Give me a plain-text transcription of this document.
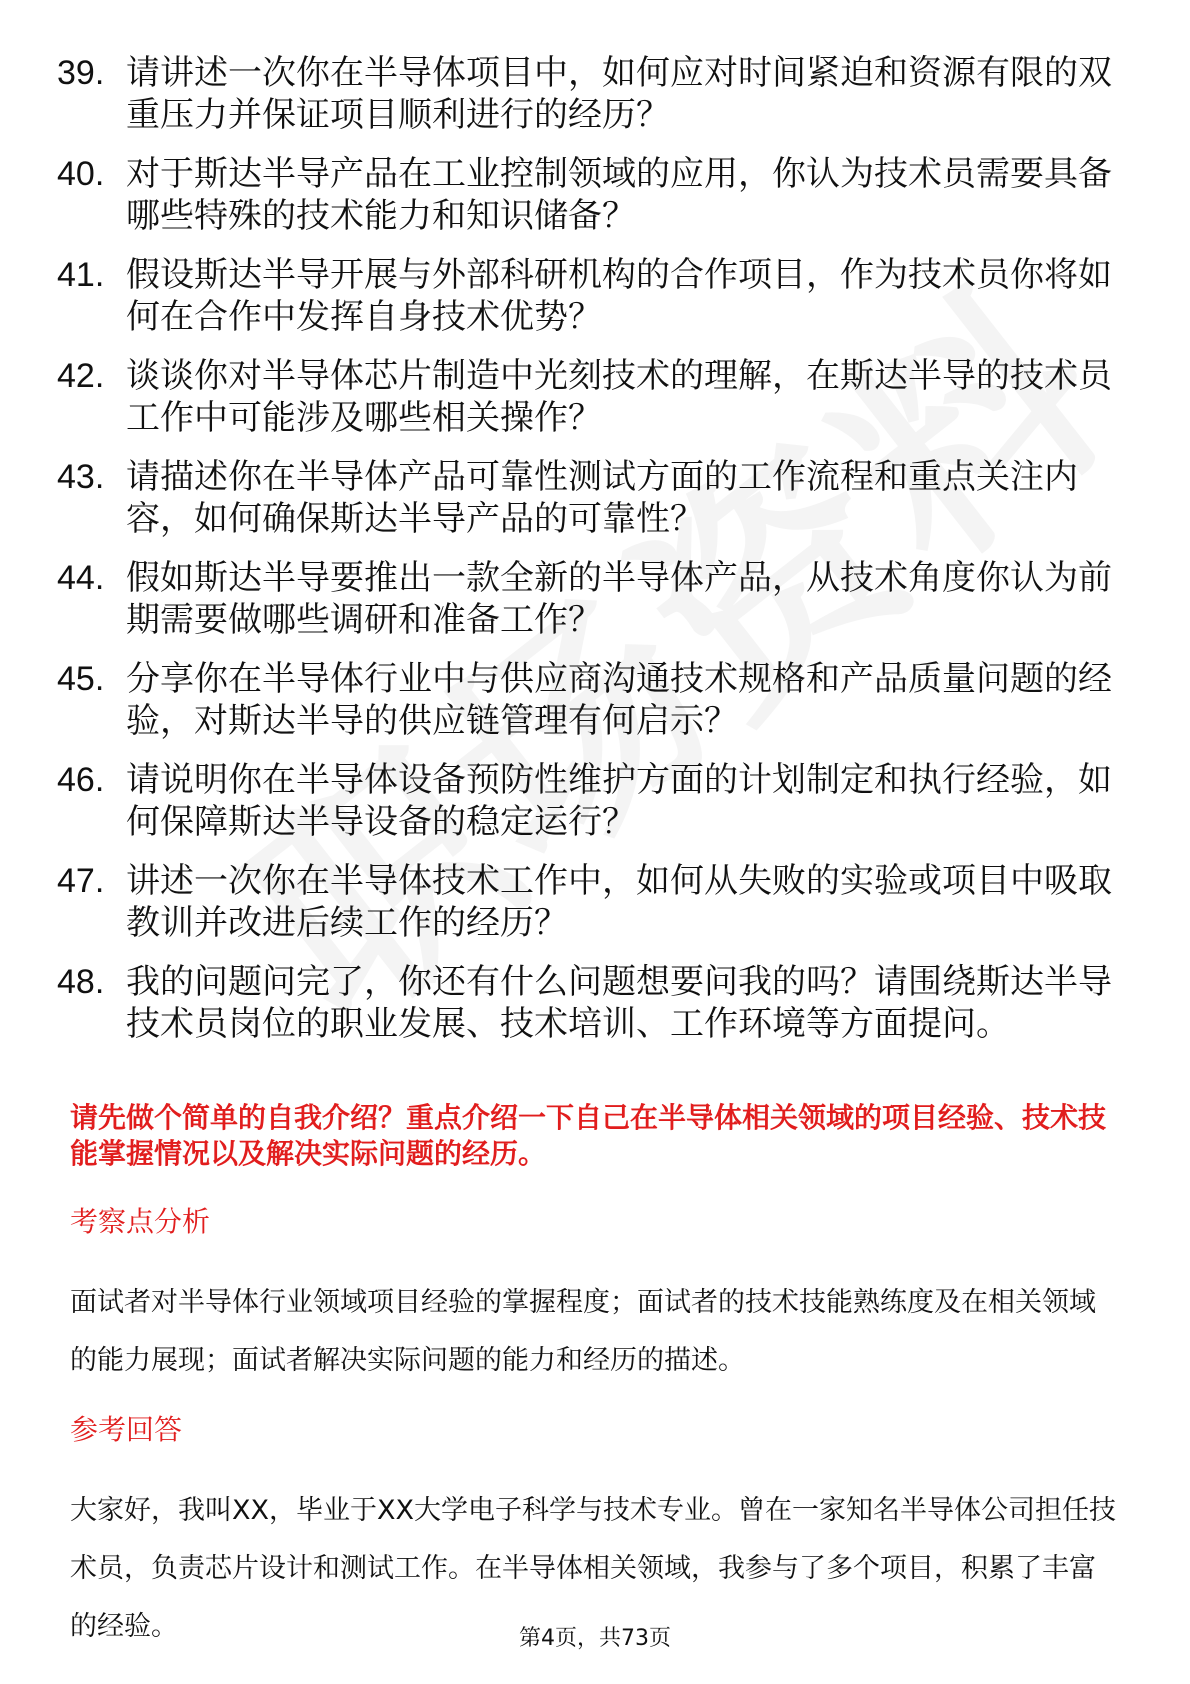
39. 请讲述一次你在半导体项目中，如何应对时间紧迫和资源有限的双重压力并保证项目顺利进行的经历？
40. 对于斯达半导产品在工业控制领域的应用，你认为技术员需要具备哪些特殊的技术能力和知识储备？
41. 假设斯达半导开展与外部科研机构的合作项目，作为技术员你将如何在合作中发挥自身技术优势？
42. 谈谈你对半导体芯片制造中光刻技术的理解，在斯达半导的技术员工作中可能涉及哪些相关操作？
43. 请描述你在半导体产品可靠性测试方面的工作流程和重点关注内容，如何确保斯达半导产品的可靠性？
44. 假如斯达半导要推出一款全新的半导体产品，从技术角度你认为前期需要做哪些调研和准备工作？
45. 分享你在半导体行业中与供应商沟通技术规格和产品质量问题的经验，对斯达半导的供应链管理有何启示？
46. 请说明你在半导体设备预防性维护方面的计划制定和执行经验，如何保障斯达半导设备的稳定运行？
47. 讲述一次你在半导体技术工作中，如何从失败的实验或项目中吸取教训并改进后续工作的经历？
48. 我的问题问完了，你还有什么问题想要问我的吗？请围绕斯达半导技术员岗位的职业发展、技术培训、工作环境等方面提问。
请先做个简单的自我介绍？重点介绍一下自己在半导体相关领域的项目经验、技术技能掌握情况以及解决实际问题的经历。
考察点分析
面试者对半导体行业领域项目经验的掌握程度；面试者的技术技能熟练度及在相关领域的能力展现；面试者解决实际问题的能力和经历的描述。
参考回答
大家好，我叫XX，毕业于XX大学电子科学与技术专业。曾在一家知名半导体公司担任技术员，负责芯片设计和测试工作。在半导体相关领域，我参与了多个项目，积累了丰富的经验。	第4页，共73页
